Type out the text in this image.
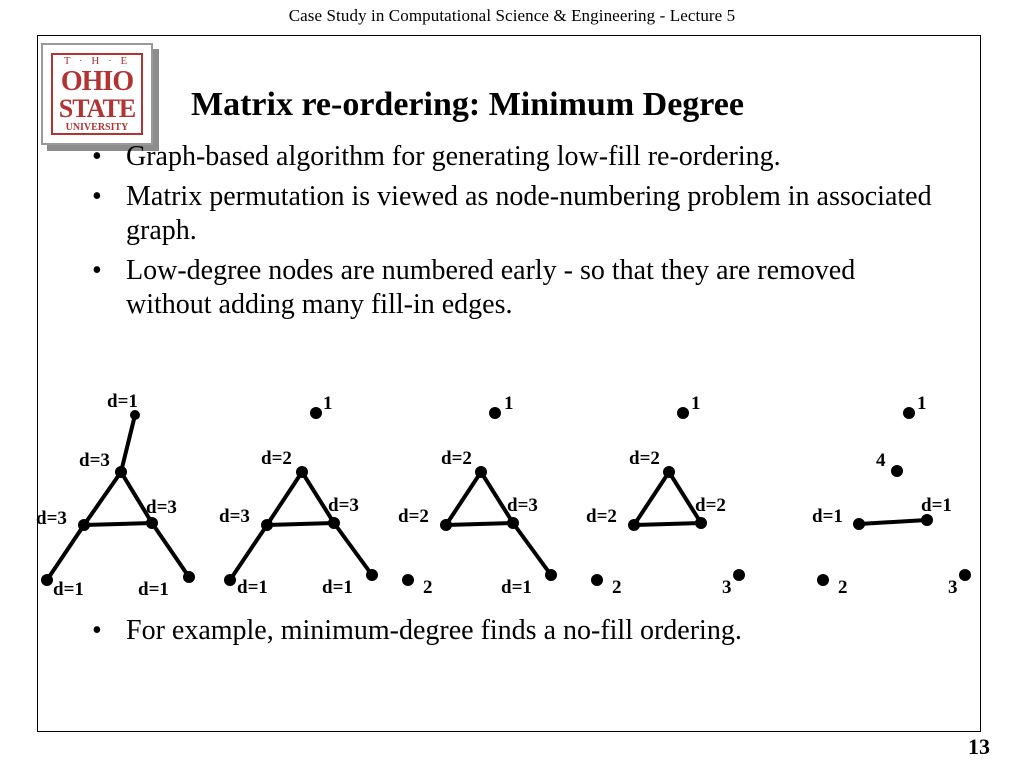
Case Study in Computational Science & Engineering - Lecture 5
T · H · E
OHIO
STATE
UNIVERSITY
Matrix re-ordering: Minimum Degree
• Graph-based algorithm for generating low-fill re-ordering.
• Matrix permutation is viewed as node-numbering problem in associated graph.
• Low-degree nodes are numbered early - so that they are removed without adding many fill-in edges.
• For example, minimum-degree finds a no-fill ordering.
d=1
d=3
d=3
d=3
d=1	d=1
1
d=2
d=3
d=3
d=1	d=1
1
d=2
d=2
d=3
2	d=1
1
d=2
d=2
d=2
2	3
1
4
d=1
d=1
2	3
13
